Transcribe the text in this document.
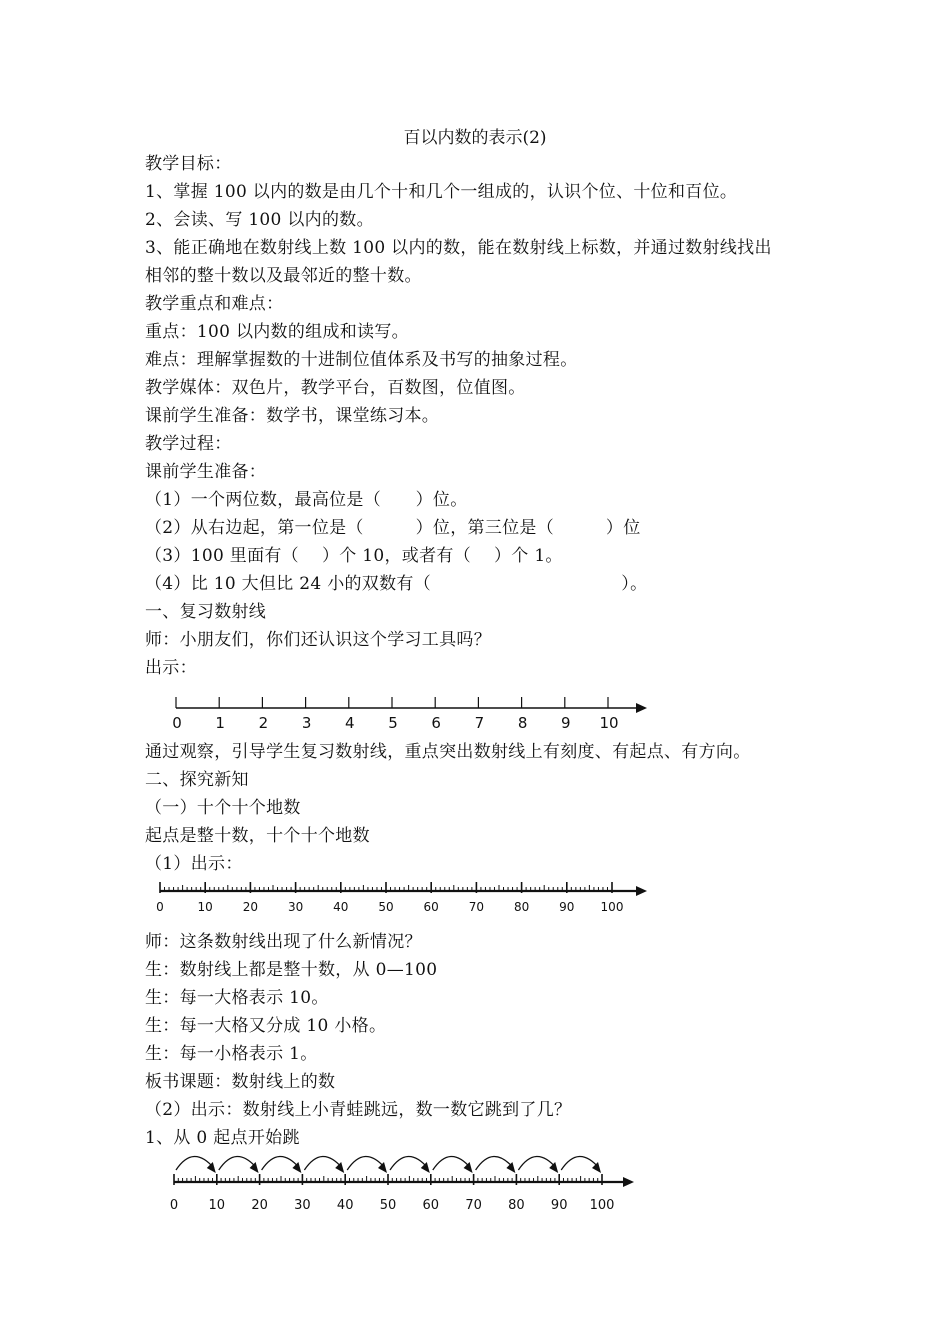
百以内数的表示(2)
教学目标：
1、掌握 100 以内的数是由几个十和几个一组成的，认识个位、十位和百位。
2、会读、写 100 以内的数。
3、能正确地在数射线上数 100 以内的数，能在数射线上标数，并通过数射线找出
相邻的整十数以及最邻近的整十数。
教学重点和难点：
重点：100 以内数的组成和读写。
难点：理解掌握数的十进制位值体系及书写的抽象过程。
教学媒体：双色片，教学平台，百数图，位值图。
课前学生准备：数学书，课堂练习本。
教学过程：
课前学生准备：
（1）一个两位数，最高位是（　　）位。
（2）从右边起，第一位是（　　　）位，第三位是（　　　）位
（3）100 里面有（　 ）个 10，或者有（　 ）个 1。
（4）比 10 大但比 24 小的双数有（　　　　　　　　　　　）。
一、复习数射线
师：小朋友们，你们还认识这个学习工具吗？
出示：
0 1 2 3 4 5 6 7 8 9 10
通过观察，引导学生复习数射线，重点突出数射线上有刻度、有起点、有方向。
二、探究新知
（一）十个十个地数
起点是整十数，十个十个地数
（1）出示：
0	10 20 30 40 50 60 70 80 90 100
师：这条数射线出现了什么新情况？
生：数射线上都是整十数，从 0—100
生：每一大格表示 10。
生：每一大格又分成 10 小格。
生：每一小格表示 1。
板书课题：数射线上的数
（2）出示：数射线上小青蛙跳远，数一数它跳到了几？
1、从 0 起点开始跳
0 10 20 30 40 50 60 70 80 90 100
